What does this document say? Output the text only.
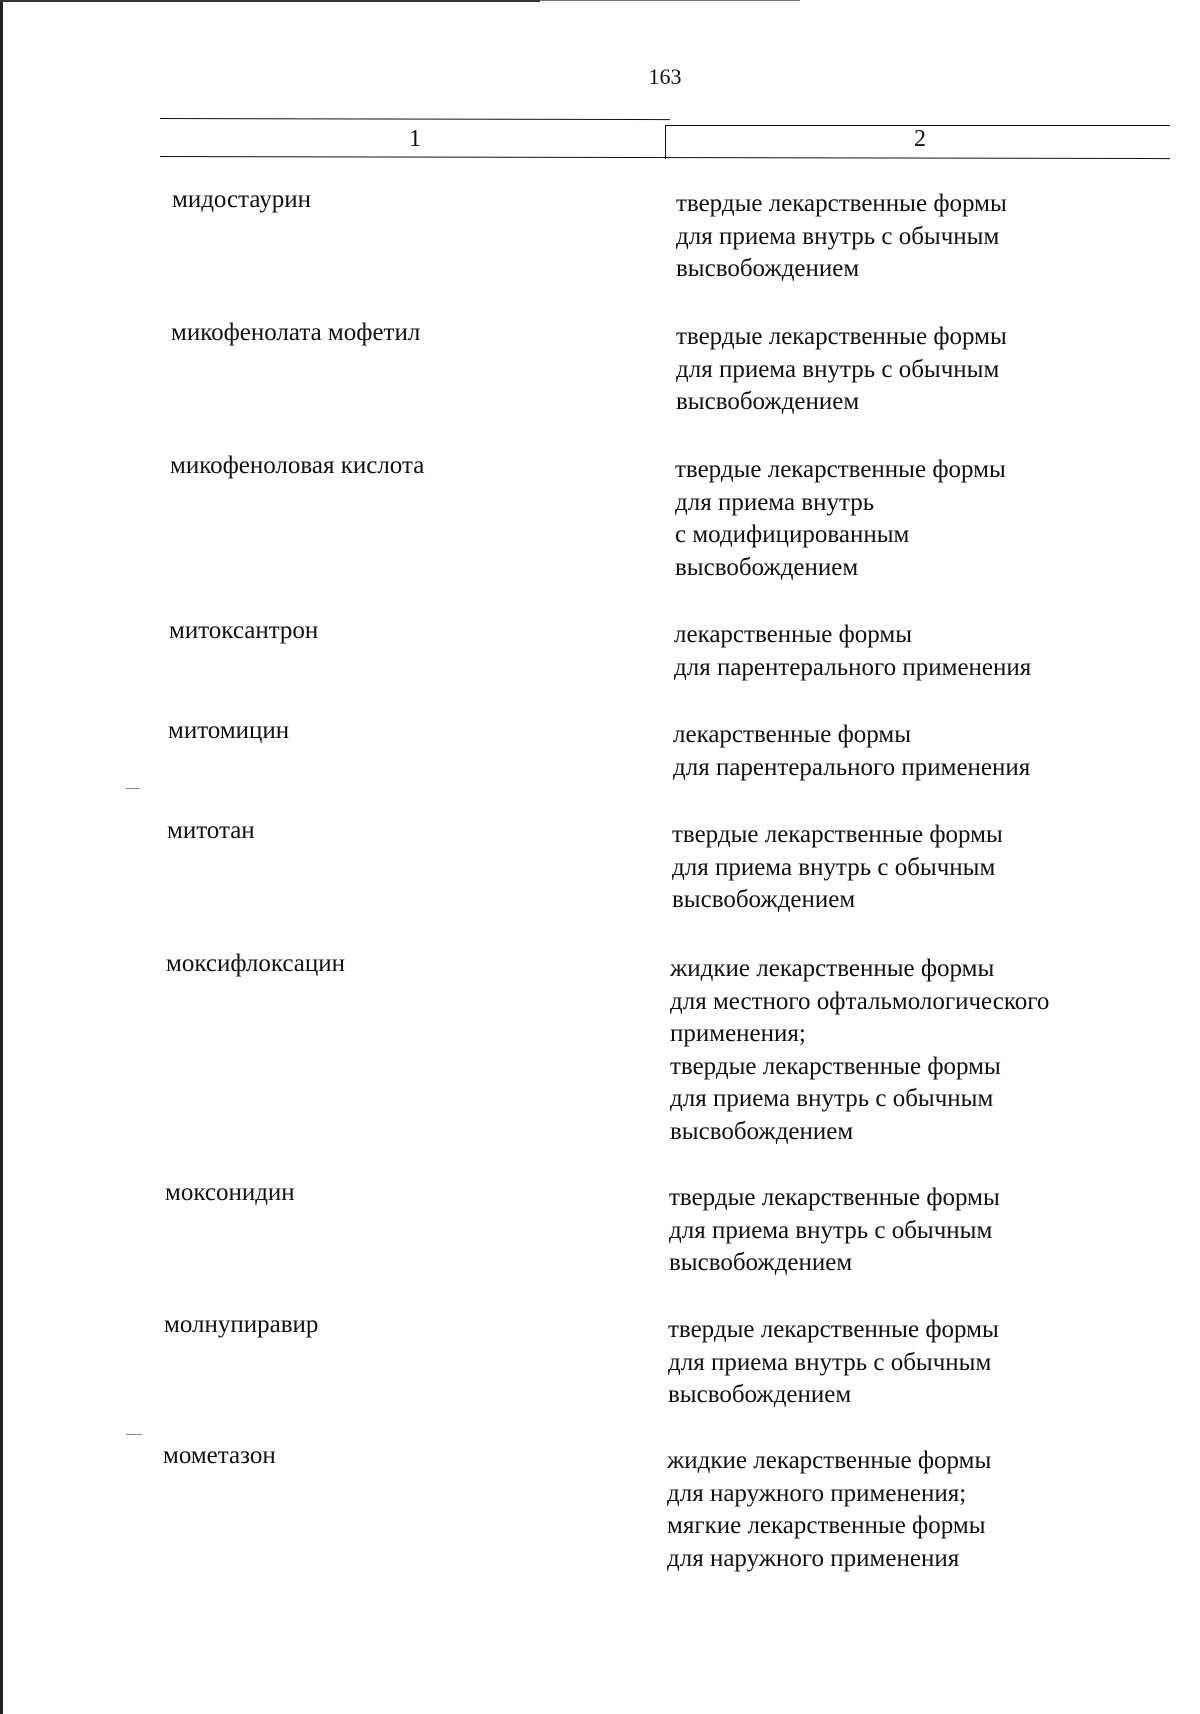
163
1	2
мидостаурин	твердые лекарственные формы
для приема внутрь с обычным
высвобождением
микофенолата мофетил	твердые лекарственные формы
для приема внутрь с обычным
высвобождением
микофеноловая кислота	твердые лекарственные формы
для приема внутрь
с модифицированным
высвобождением
митоксантрон	лекарственные формы
для парентерального применения
митомицин	лекарственные формы
для парентерального применения
митотан	твердые лекарственные формы
для приема внутрь с обычным
высвобождением
моксифлоксацин	жидкие лекарственные формы
для местного офтальмологического
применения;
твердые лекарственные формы
для приема внутрь с обычным
высвобождением
моксонидин	твердые лекарственные формы
для приема внутрь с обычным
высвобождением
молнупиравир	твердые лекарственные формы
для приема внутрь с обычным
высвобождением
мометазон	жидкие лекарственные формы
для наружного применения;
мягкие лекарственные формы
для наружного применения
